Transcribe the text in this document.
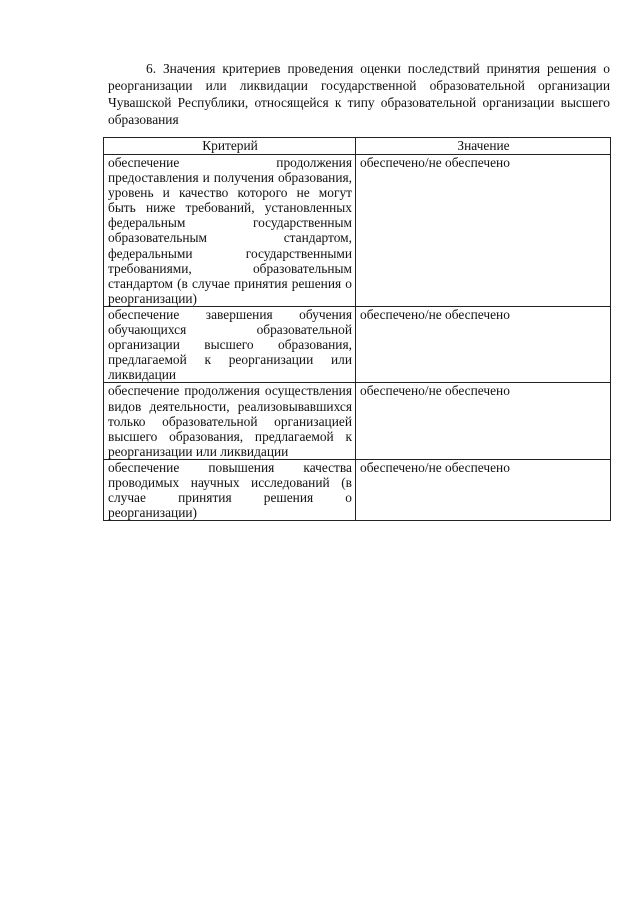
6. Значения критериев проведения оценки последствий принятия решения о реорганизации или ликвидации государственной образовательной организации Чувашской Республики, относящейся к типу образовательной организации высшего образования

Критерий	Значение
обеспечение продолжения предоставления и получения образования, уровень и качество которого не могут быть ниже требований, установленных федеральным государственным образовательным стандартом, федеральными государственными требованиями, образовательным стандартом (в случае принятия решения о реорганизации)	обеспечено/не обеспечено
обеспечение завершения обучения обучающихся образовательной организации высшего образования, предлагаемой к реорганизации или ликвидации	обеспечено/не обеспечено
обеспечение продолжения осуществления видов деятельности, реализовывавшихся только образовательной организацией высшего образования, предлагаемой к реорганизации или ликвидации	обеспечено/не обеспечено
обеспечение повышения качества проводимых научных исследований (в случае принятия решения о реорганизации)	обеспечено/не обеспечено
